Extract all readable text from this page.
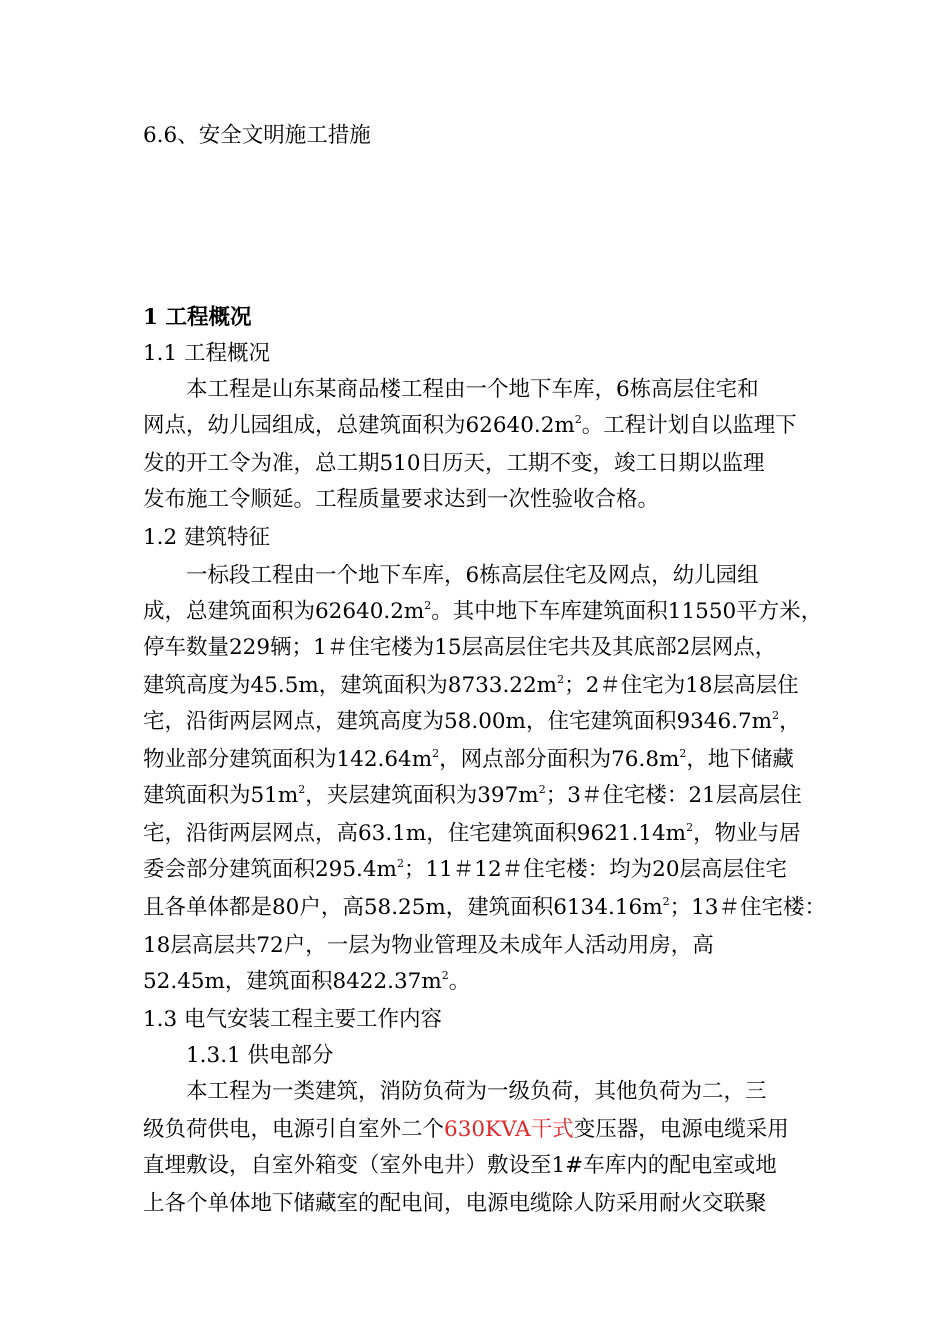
6.6、安全文明施工措施
1 工程概况
1.1 工程概况
本工程是山东某商品楼工程由一个地下车库，6栋高层住宅和
网点，幼儿园组成，总建筑面积为$62640.2m^2$。工程计划自以监理下
发的开工令为准，总工期510日历天，工期不变，竣工日期以监理
发布施工令顺延。工程质量要求达到一次性验收合格。
1.2 建筑特征
一标段工程由一个地下车库，6栋高层住宅及网点，幼儿园组
成，总建筑面积为$62640.2m^2$。其中地下车库建筑面积11550平方米，
停车数量229辆；1＃住宅楼为15层高层住宅共及其底部2层网点，
建筑高度为45.5m，建筑面积为$8733.22m^2$；2＃住宅为18层高层住
宅，沿街两层网点，建筑高度为58.00m，住宅建筑面积$9346.7m^2$，
物业部分建筑面积为$142.64m^2$，网点部分面积为$76.8m^2$，地下储藏
建筑面积为$51m^2$，夹层建筑面积为$397m^2$；3＃住宅楼：21层高层住
宅，沿街两层网点，高63.1m，住宅建筑面积$9621.14m^2$，物业与居
委会部分建筑面积$295.4m^2$；11＃12＃住宅楼：均为20层高层住宅
且各单体都是80户，高58.25m，建筑面积$6134.16m^2$；13＃住宅楼：
18层高层共72户，一层为物业管理及未成年人活动用房，高
52.45m，建筑面积$8422.37m^2$。
1.3 电气安装工程主要工作内容
1.3.1 供电部分
本工程为一类建筑，消防负荷为一级负荷，其他负荷为二，三
级负荷供电，电源引自室外二个630KVA干式变压器，电源电缆采用
直埋敷设，自室外箱变（室外电井）敷设至1#车库内的配电室或地
上各个单体地下储藏室的配电间，电源电缆除人防采用耐火交联聚
